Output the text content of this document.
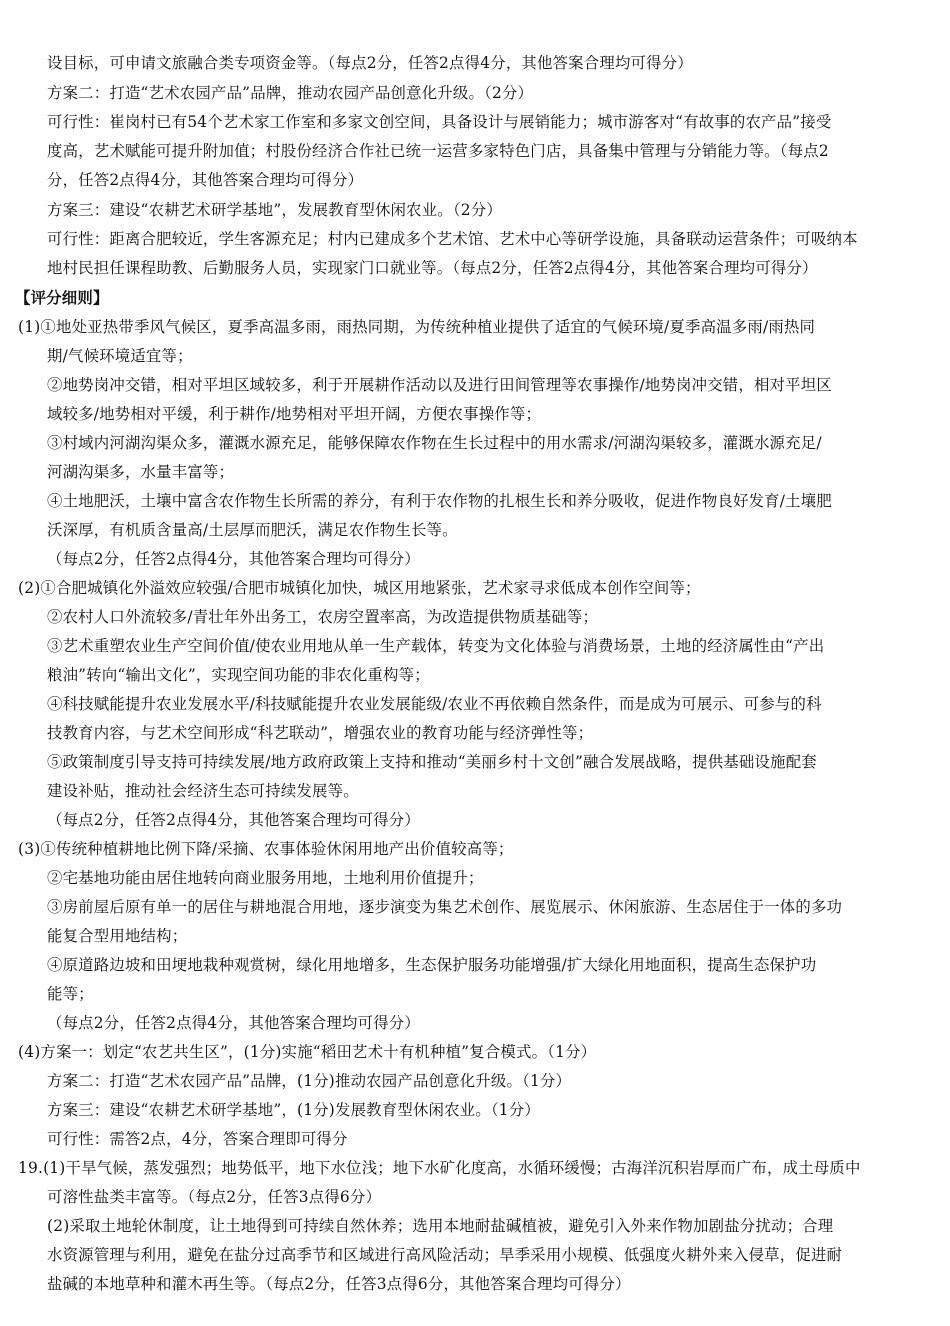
设目标，可申请文旅融合类专项资金等。（每点2分，任答2点得4分，其他答案合理均可得分）
方案二：打造“艺术农园产品”品牌，推动农园产品创意化升级。（2分）
可行性：崔岗村已有54个艺术家工作室和多家文创空间，具备设计与展销能力；城市游客对“有故事的农产品”接受
度高，艺术赋能可提升附加值；村股份经济合作社已统一运营多家特色门店，具备集中管理与分销能力等。（每点2
分，任答2点得4分，其他答案合理均可得分）
方案三：建设“农耕艺术研学基地”，发展教育型休闲农业。（2分）
可行性：距离合肥较近，学生客源充足；村内已建成多个艺术馆、艺术中心等研学设施，具备联动运营条件；可吸纳本
地村民担任课程助教、后勤服务人员，实现家门口就业等。（每点2分，任答2点得4分，其他答案合理均可得分）
【评分细则】
(1)①地处亚热带季风气候区，夏季高温多雨，雨热同期，为传统种植业提供了适宜的气候环境/夏季高温多雨/雨热同
期/气候环境适宜等；
②地势岗冲交错，相对平坦区域较多，利于开展耕作活动以及进行田间管理等农事操作/地势岗冲交错，相对平坦区
域较多/地势相对平缓，利于耕作/地势相对平坦开阔，方便农事操作等；
③村域内河湖沟渠众多，灌溉水源充足，能够保障农作物在生长过程中的用水需求/河湖沟渠较多，灌溉水源充足/
河湖沟渠多，水量丰富等；
④土地肥沃，土壤中富含农作物生长所需的养分，有利于农作物的扎根生长和养分吸收，促进作物良好发育/土壤肥
沃深厚，有机质含量高/土层厚而肥沃，满足农作物生长等。
（每点2分，任答2点得4分，其他答案合理均可得分）
(2)①合肥城镇化外溢效应较强/合肥市城镇化加快，城区用地紧张，艺术家寻求低成本创作空间等；
②农村人口外流较多/青壮年外出务工，农房空置率高，为改造提供物质基础等；
③艺术重塑农业生产空间价值/使农业用地从单一生产载体，转变为文化体验与消费场景，土地的经济属性由“产出
粮油”转向“输出文化”，实现空间功能的非农化重构等；
④科技赋能提升农业发展水平/科技赋能提升农业发展能级/农业不再依赖自然条件，而是成为可展示、可参与的科
技教育内容，与艺术空间形成“科艺联动”，增强农业的教育功能与经济弹性等；
⑤政策制度引导支持可持续发展/地方政府政策上支持和推动“美丽乡村十文创”融合发展战略，提供基础设施配套
建设补贴，推动社会经济生态可持续发展等。
（每点2分，任答2点得4分，其他答案合理均可得分）
(3)①传统种植耕地比例下降/采摘、农事体验休闲用地产出价值较高等；
②宅基地功能由居住地转向商业服务用地，土地利用价值提升；
③房前屋后原有单一的居住与耕地混合用地，逐步演变为集艺术创作、展览展示、休闲旅游、生态居住于一体的多功
能复合型用地结构；
④原道路边坡和田埂地栽种观赏树，绿化用地增多，生态保护服务功能增强/扩大绿化用地面积，提高生态保护功
能等；
（每点2分，任答2点得4分，其他答案合理均可得分）
(4)方案一：划定“农艺共生区”，(1分)实施“稻田艺术十有机种植”复合模式。（1分）
方案二：打造“艺术农园产品”品牌，(1分)推动农园产品创意化升级。（1分）
方案三：建设“农耕艺术研学基地”，(1分)发展教育型休闲农业。（1分）
可行性：需答2点，4分，答案合理即可得分
19.(1)干旱气候，蒸发强烈；地势低平，地下水位浅；地下水矿化度高，水循环缓慢；古海洋沉积岩厚而广布，成土母质中
可溶性盐类丰富等。（每点2分，任答3点得6分）
(2)采取土地轮休制度，让土地得到可持续自然休养；选用本地耐盐碱植被，避免引入外来作物加剧盐分扰动；合理
水资源管理与利用，避免在盐分过高季节和区域进行高风险活动；旱季采用小规模、低强度火耕外来入侵草，促进耐
盐碱的本地草种和灌木再生等。（每点2分，任答3点得6分，其他答案合理均可得分）
